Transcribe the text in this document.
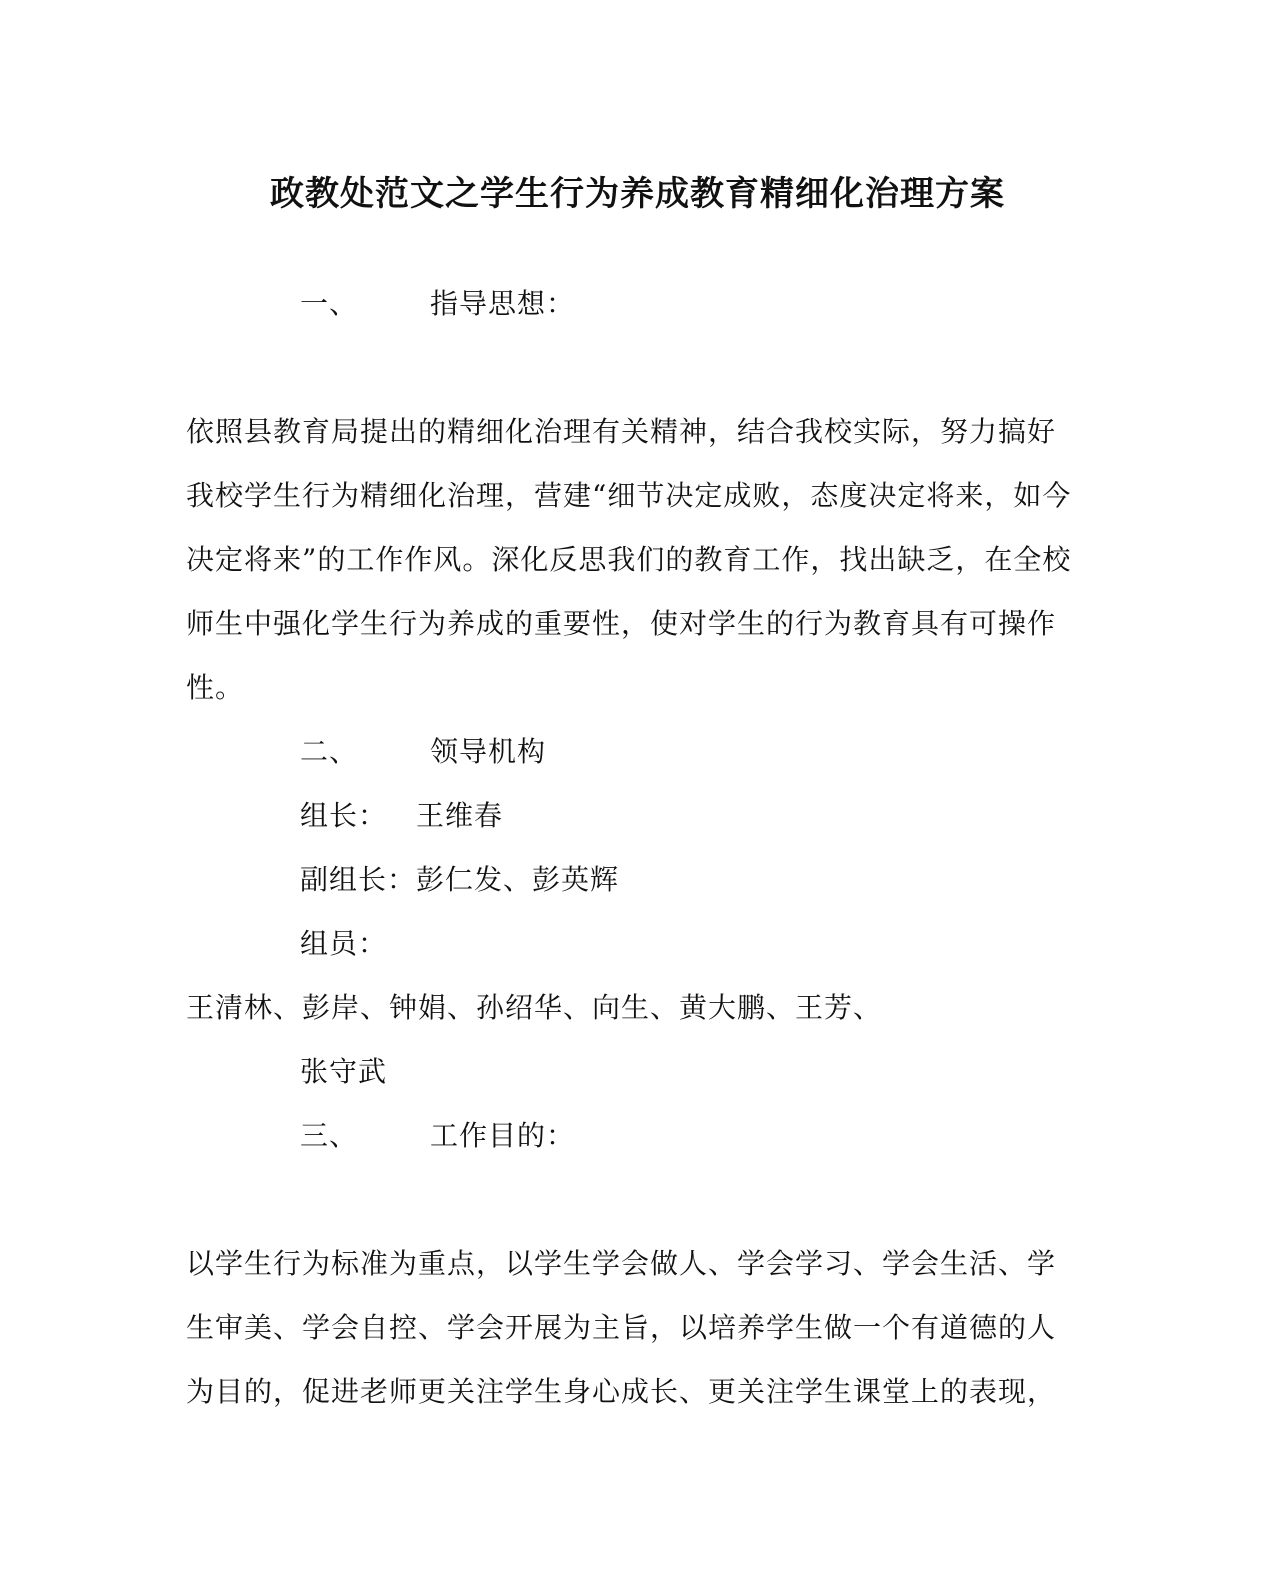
政教处范文之学生行为养成教育精细化治理方案
一、	指导思想：
依照县教育局提出的精细化治理有关精神，结合我校实际，努力搞好
我校学生行为精细化治理，营建“细节决定成败，态度决定将来，如今
决定将来”的工作作风。深化反思我们的教育工作，找出缺乏，在全校
师生中强化学生行为养成的重要性，使对学生的行为教育具有可操作
性。
二、	领导机构
组长： 王维春
副组长：彭仁发、彭英辉
组员：
王清林、彭岸、钟娟、孙绍华、向生、黄大鹏、王芳、
张守武
三、	工作目的：
以学生行为标准为重点，以学生学会做人、学会学习、学会生活、学
生审美、学会自控、学会开展为主旨，以培养学生做一个有道德的人
为目的，促进老师更关注学生身心成长、更关注学生课堂上的表现，
